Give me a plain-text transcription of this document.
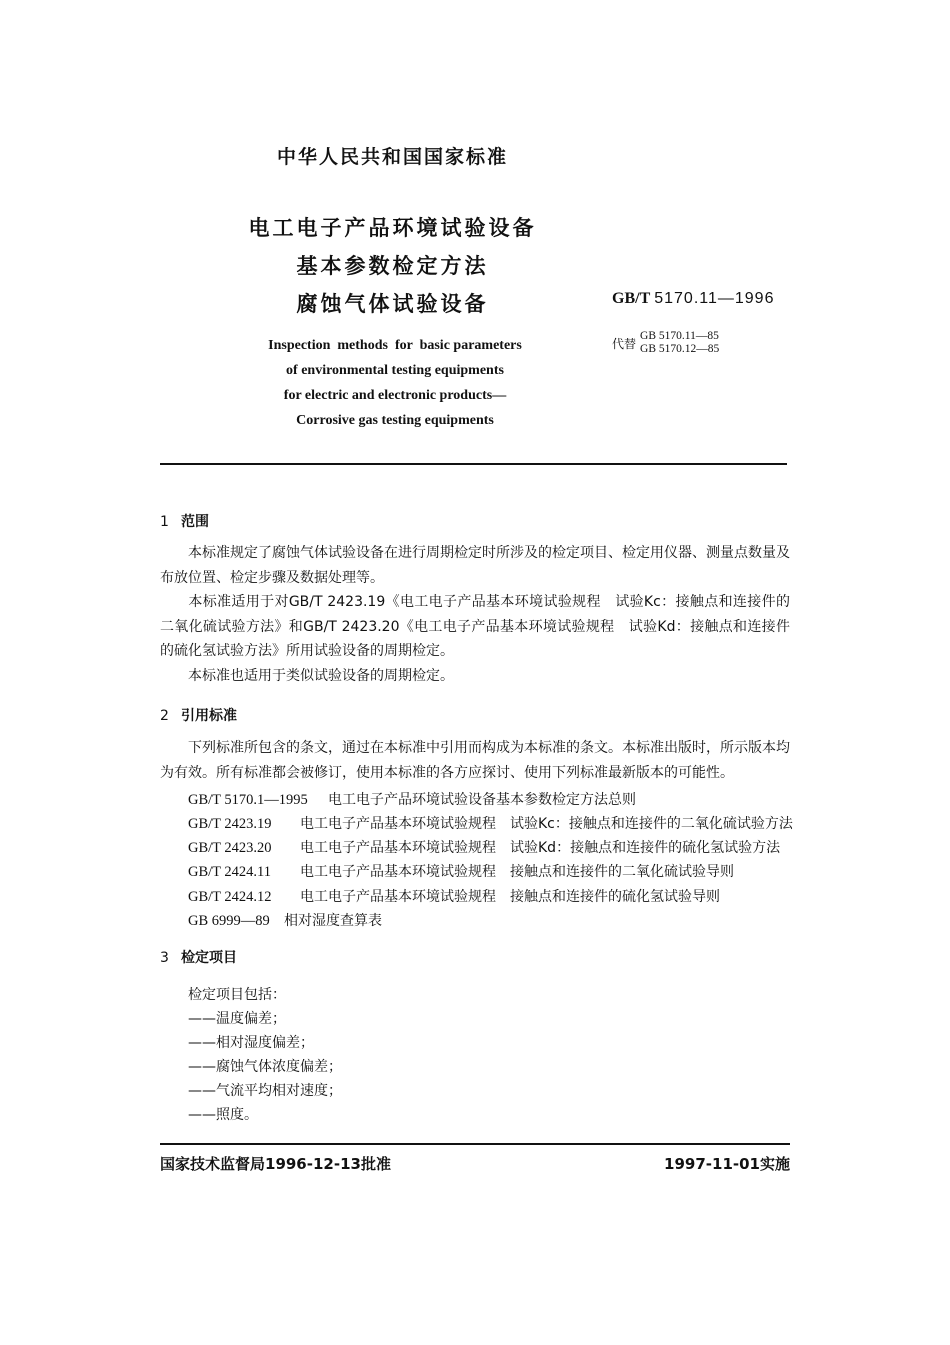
中华人民共和国国家标准
电工电子产品环境试验设备
基本参数检定方法
腐蚀气体试验设备	GB/T 5170.11—1996
代替
GB 5170.11—85
GB 5170.12—85
Inspection  methods  for  basic parameters
of environmental testing equipments
for electric and electronic products—
Corrosive gas testing equipments
1 范围
本标准规定了腐蚀气体试验设备在进行周期检定时所涉及的检定项目、检定用仪器、测量点数量及布放位置、检定步骤及数据处理等。
本标准适用于对GB/T 2423.19《电工电子产品基本环境试验规程　试验Kc：接触点和连接件的二氧化硫试验方法》和GB/T 2423.20《电工电子产品基本环境试验规程　试验Kd：接触点和连接件的硫化氢试验方法》所用试验设备的周期检定。
本标准也适用于类似试验设备的周期检定。
2 引用标准
下列标准所包含的条文，通过在本标准中引用而构成为本标准的条文。本标准出版时，所示版本均为有效。所有标准都会被修订，使用本标准的各方应探讨、使用下列标准最新版本的可能性。
GB/T 5170.1—1995 电工电子产品环境试验设备基本参数检定方法总则
GB/T 2423.19 电工电子产品基本环境试验规程　试验Kc：接触点和连接件的二氧化硫试验方法
GB/T 2423.20 电工电子产品基本环境试验规程　试验Kd：接触点和连接件的硫化氢试验方法
GB/T 2424.11 电工电子产品基本环境试验规程　接触点和连接件的二氧化硫试验导则
GB/T 2424.12 电工电子产品基本环境试验规程　接触点和连接件的硫化氢试验导则
GB 6999—89 相对湿度查算表
3 检定项目
检定项目包括：
——温度偏差；
——相对湿度偏差；
——腐蚀气体浓度偏差；
——气流平均相对速度；
——照度。
国家技术监督局1996-12-13批准	1997-11-01实施
